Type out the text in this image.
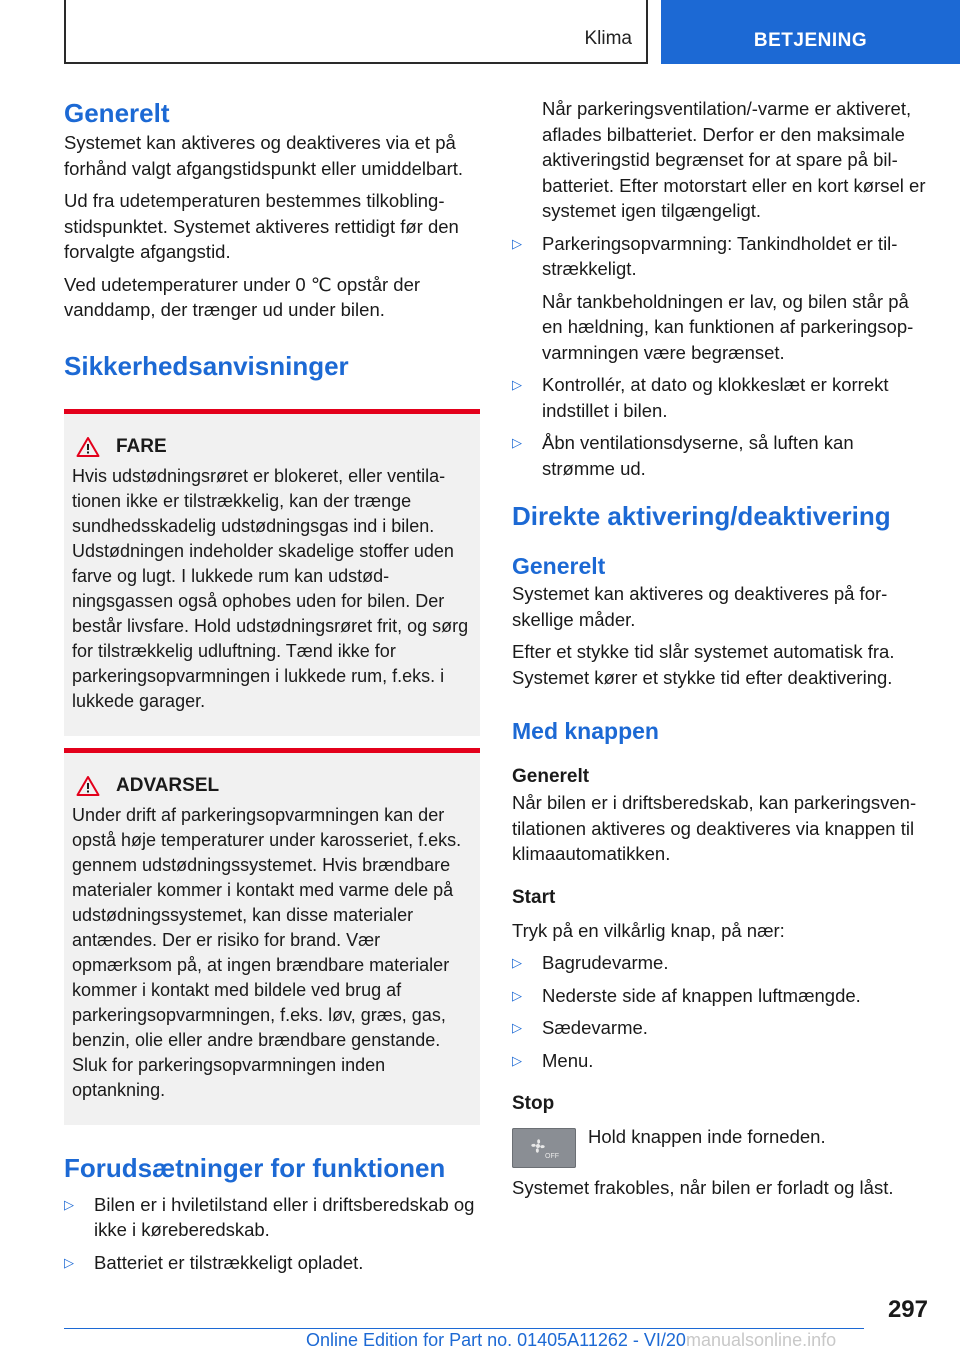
Klima	BETJENING
Generelt

Systemet kan aktiveres og deaktiveres via et på forhånd valgt afgangstidspunkt eller umiddelbart.

Ud fra udetemperaturen bestemmes tilkoblingstidspunktet. Systemet aktiveres rettidigt før den forvalgte afgangstid.

Ved udetemperaturer under 0 ℃ opstår der vanddamp, der trænger ud under bilen.

Sikkerhedsanvisninger
FARE

Hvis udstødningsrøret er blokeret, eller ventilationen ikke er tilstrækkelig, kan der trænge sundhedsskadelig udstødningsgas ind i bilen. Udstødningen indeholder skadelige stoffer uden farve og lugt. I lukkede rum kan udstødningsgassen også ophobes uden for bilen. Der består livsfare. Hold udstødningsrøret frit, og sørg for tilstrækkelig udluftning. Tænd ikke for parkeringsopvarmningen i lukkede rum, f.eks. i lukkede garager.

ADVARSEL

Under drift af parkeringsopvarmningen kan der opstå høje temperaturer under karosseriet, f.eks. gennem udstødningssystemet. Hvis brændbare materialer kommer i kontakt med varme dele på udstødningssystemet, kan disse materialer antændes. Der er risiko for brand. Vær opmærksom på, at ingen brændbare materialer kommer i kontakt med bildele ved brug af parkeringsopvarmningen, f.eks. løv, græs, gas, benzin, olie eller andre brændbare genstande. Sluk for parkeringsopvarmningen inden optankning.

Forudsætninger for funktionen
▷	Bilen er i hviletilstand eller i driftsberedskab og ikke i køreberedskab.
▷	Batteriet er tilstrækkeligt opladet.

Når parkeringsventilation/-varme er aktiveret, aflades bilbatteriet. Derfor er den maksimale aktiveringstid begrænset for at spare på bilbatteriet. Efter motorstart eller en kort kørsel er systemet igen tilgængeligt.

▷	Parkeringsopvarmning: Tankindholdet er tilstrækkeligt.

Når tankbeholdningen er lav, og bilen står på en hældning, kan funktionen af parkeringsopvarmningen være begrænset.

▷	Kontrollér, at dato og klokkeslæt er korrekt indstillet i bilen.
▷	Åbn ventilationsdyserne, så luften kan strømme ud.
Direkte aktivering/deaktivering
Generelt

Systemet kan aktiveres og deaktiveres på forskellige måder.

Efter et stykke tid slår systemet automatisk fra. Systemet kører et stykke tid efter deaktivering.

Med knappen
Generelt

Når bilen er i driftsberedskab, kan parkeringsventilationen aktiveres og deaktiveres via knappen til klimaautomatikken.

Start

Tryk på en vilkårlig knap, på nær:

▷	Bagrudevarme.
▷	Nederste side af knappen luftmængde.
▷	Sædevarme.
▷	Menu.
Stop
OFF

Hold knappen inde forneden.

Systemet frakobles, når bilen er forladt og låst.

297
Online Edition for Part no. 01405A11262 - VI/20 manualsonline.info
